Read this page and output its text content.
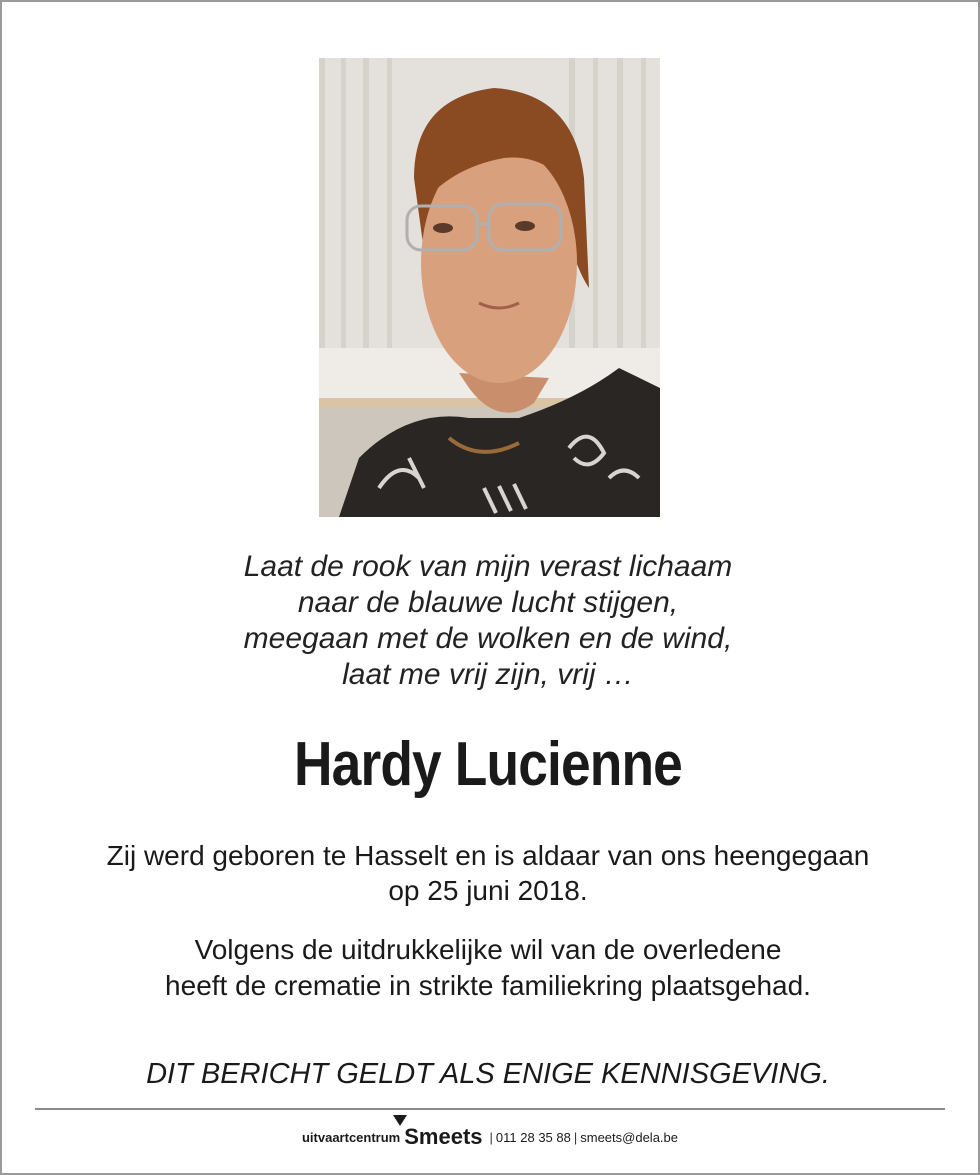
Laat de rook van mijn verast lichaam
naar de blauwe lucht stijgen,
meegaan met de wolken en de wind,
laat me vrij zijn, vrij …
Hardy Lucienne
Zij werd geboren te Hasselt en is aldaar van ons heengegaan
op 25 juni 2018.
Volgens de uitdrukkelijke wil van de overledene
heeft de crematie in strikte familiekring plaatsgehad.
DIT BERICHT GELDT ALS ENIGE KENNISGEVING.
uitvaartcentrum Smeets | 011 28 35 88 | smeets@dela.be
